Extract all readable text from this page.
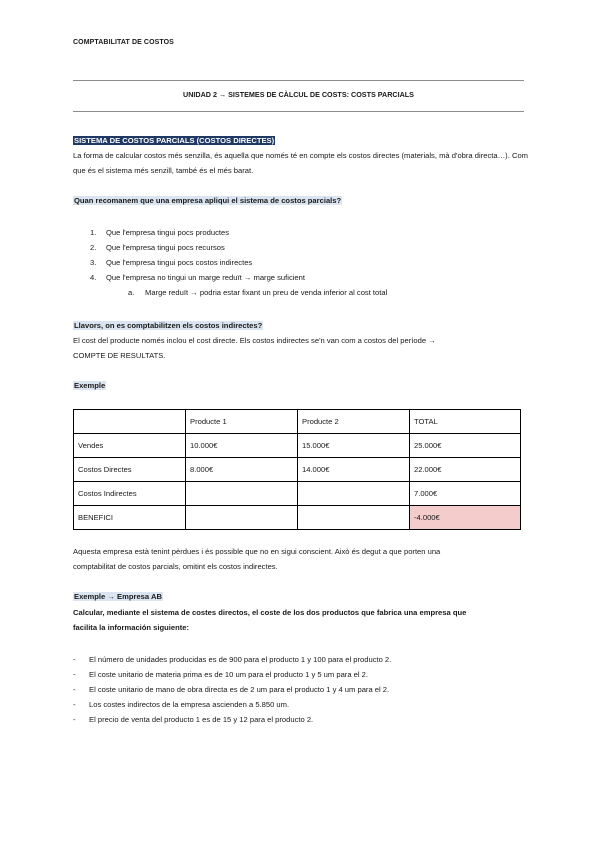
COMPTABILITAT DE COSTOS
UNIDAD 2 → SISTEMES DE CÀLCUL DE COSTS: COSTS PARCIALS
SISTEMA DE COSTOS PARCIALS (COSTOS DIRECTES)
La forma de calcular costos més senzilla, és aquella que només té en compte els costos directes (materials, mà d'obra directa…). Com que és el sistema més senzill, també és el més barat.
Quan recomanem que una empresa apliqui el sistema de costos parcials?
1. Que l'empresa tingui pocs productes
2. Que l'empresa tingui pocs recursos
3. Que l'empresa tingui pocs costos indirectes
4. Que l'empresa no tingui un marge reduït → marge suficient
a. Marge reduït → podria estar fixant un preu de venda inferior al cost total
Llavors, on es comptabilitzen els costos indirectes?
El cost del producte només inclou el cost directe. Els costos indirectes se'n van com a costos del període →
COMPTE DE RESULTATS.
Exemple
	Producte 1	Producte 2	TOTAL
Vendes	10.000€	15.000€	25.000€
Costos Directes	8.000€	14.000€	22.000€
Costos Indirectes			7.000€
BENEFICI			-4.000€
Aquesta empresa està tenint pèrdues i és possible que no en sigui conscient. Això és degut a que porten una
comptabilitat de costos parcials, omitint els costos indirectes.
Exemple → Empresa AB
Calcular, mediante el sistema de costes directos, el coste de los dos productos que fabrica una empresa que
facilita la información siguiente:
- El número de unidades producidas es de 900 para el producto 1 y 100 para el producto 2.
- El coste unitario de materia prima es de 10 um para el producto 1 y 5 um para el 2.
- El coste unitario de mano de obra directa es de 2 um para el producto 1 y 4 um para el 2.
- Los costes indirectos de la empresa ascienden a 5.850 um.
- El precio de venta del producto 1 es de 15 y 12 para el producto 2.
